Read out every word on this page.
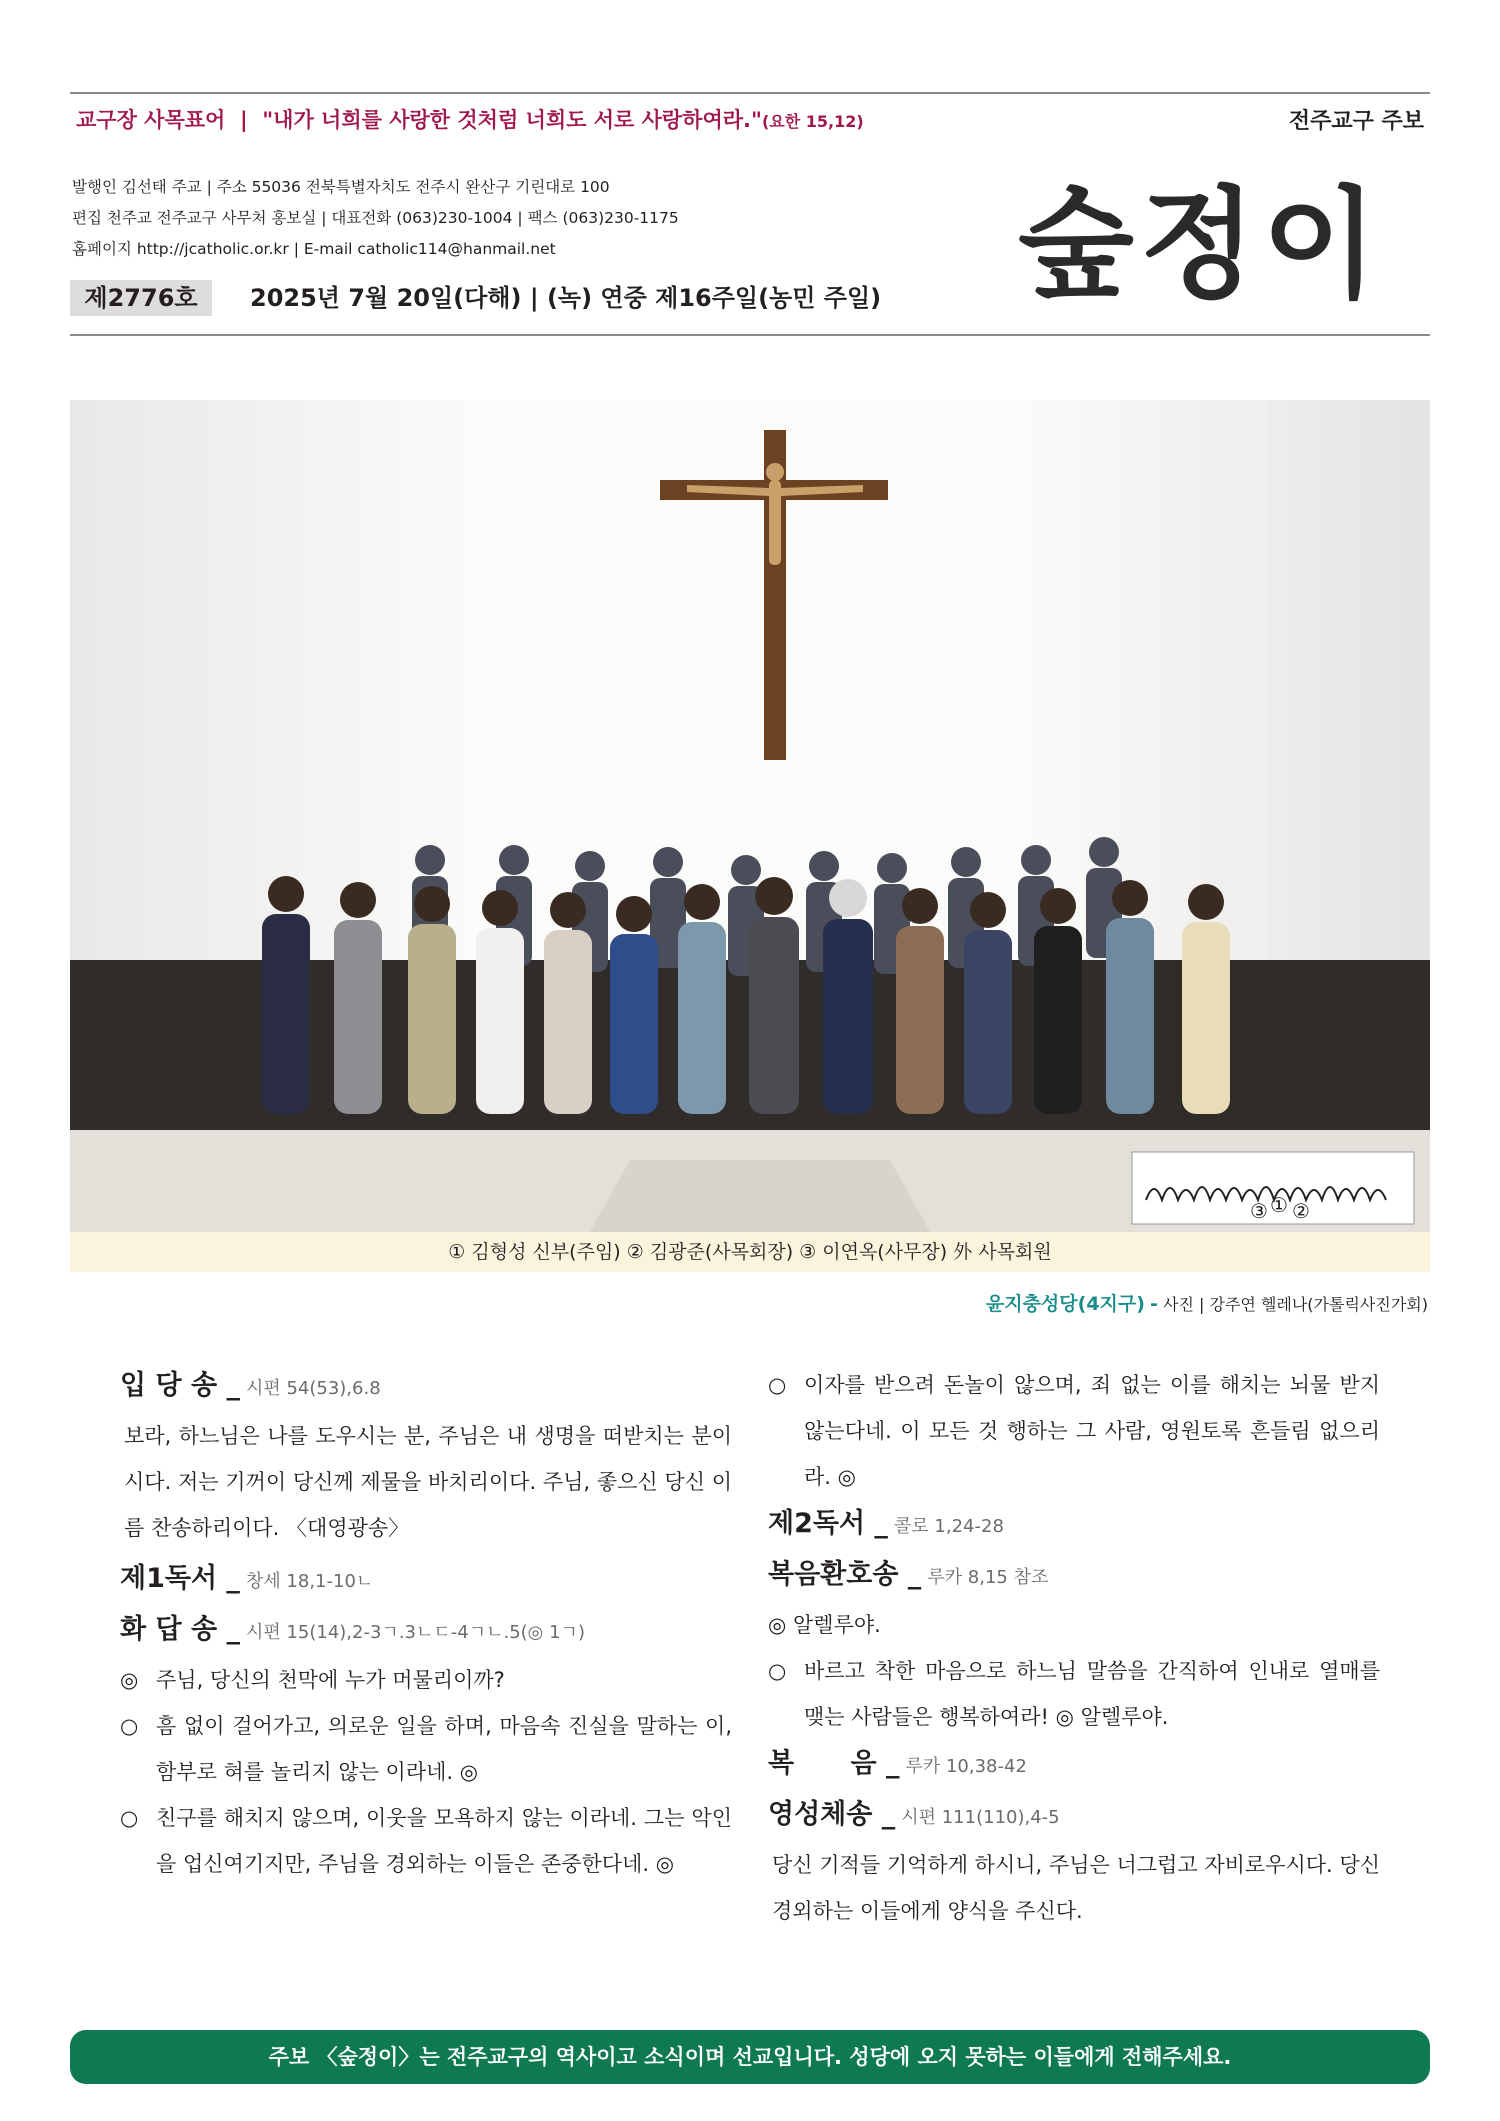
교구장 사목표어 | "내가 너희를 사랑한 것처럼 너희도 서로 사랑하여라."(요한 15,12)	전주교구 주보
발행인 김선태 주교 | 주소 55036 전북특별자치도 전주시 완산구 기린대로 100
편집 천주교 전주교구 사무처 홍보실 | 대표전화 (063)230-1004 | 팩스 (063)230-1175
홈페이지 http://jcatholic.or.kr | E-mail catholic114@hanmail.net	숲정이
제2776호	2025년 7월 20일(다해) | (녹) 연중 제16주일(농민 주일)
③ ① ②
① 김형성 신부(주임) ② 김광준(사목회장) ③ 이연옥(사무장) 外 사목회원
윤지충성당(4지구) - 사진 | 강주연 헬레나(가톨릭사진가회)
입 당 송 _ 시편 54(53),6.8
보라, 하느님은 나를 도우시는 분, 주님은 내 생명을 떠받치는 분이시다. 저는 기꺼이 당신께 제물을 바치리이다. 주님, 좋으신 당신 이름 찬송하리이다. 〈대영광송〉
제1독서 _ 창세 18,1-10ㄴ
화 답 송 _ 시편 15(14),2-3ㄱ.3ㄴㄷ-4ㄱㄴ.5(◎ 1ㄱ)
◎ 주님, 당신의 천막에 누가 머물리이까?
○ 흠 없이 걸어가고, 의로운 일을 하며, 마음속 진실을 말하는 이, 함부로 혀를 놀리지 않는 이라네. ◎
○ 친구를 해치지 않으며, 이웃을 모욕하지 않는 이라네. 그는 악인을 업신여기지만, 주님을 경외하는 이들은 존중한다네. ◎
○ 이자를 받으려 돈놀이 않으며, 죄 없는 이를 해치는 뇌물 받지 않는다네. 이 모든 것 행하는 그 사람, 영원토록 흔들림 없으리라. ◎
제2독서 _ 콜로 1,24-28
복음환호송 _ 루카 8,15 참조
◎ 알렐루야.
○ 바르고 착한 마음으로 하느님 말씀을 간직하여 인내로 열매를 맺는 사람들은 행복하여라! ◎ 알렐루야.
복      음 _ 루카 10,38-42
영성체송 _ 시편 111(110),4-5
당신 기적들 기억하게 하시니, 주님은 너그럽고 자비로우시다. 당신 경외하는 이들에게 양식을 주신다.
주보 〈숲정이〉는 전주교구의 역사이고 소식이며 선교입니다. 성당에 오지 못하는 이들에게 전해주세요.
